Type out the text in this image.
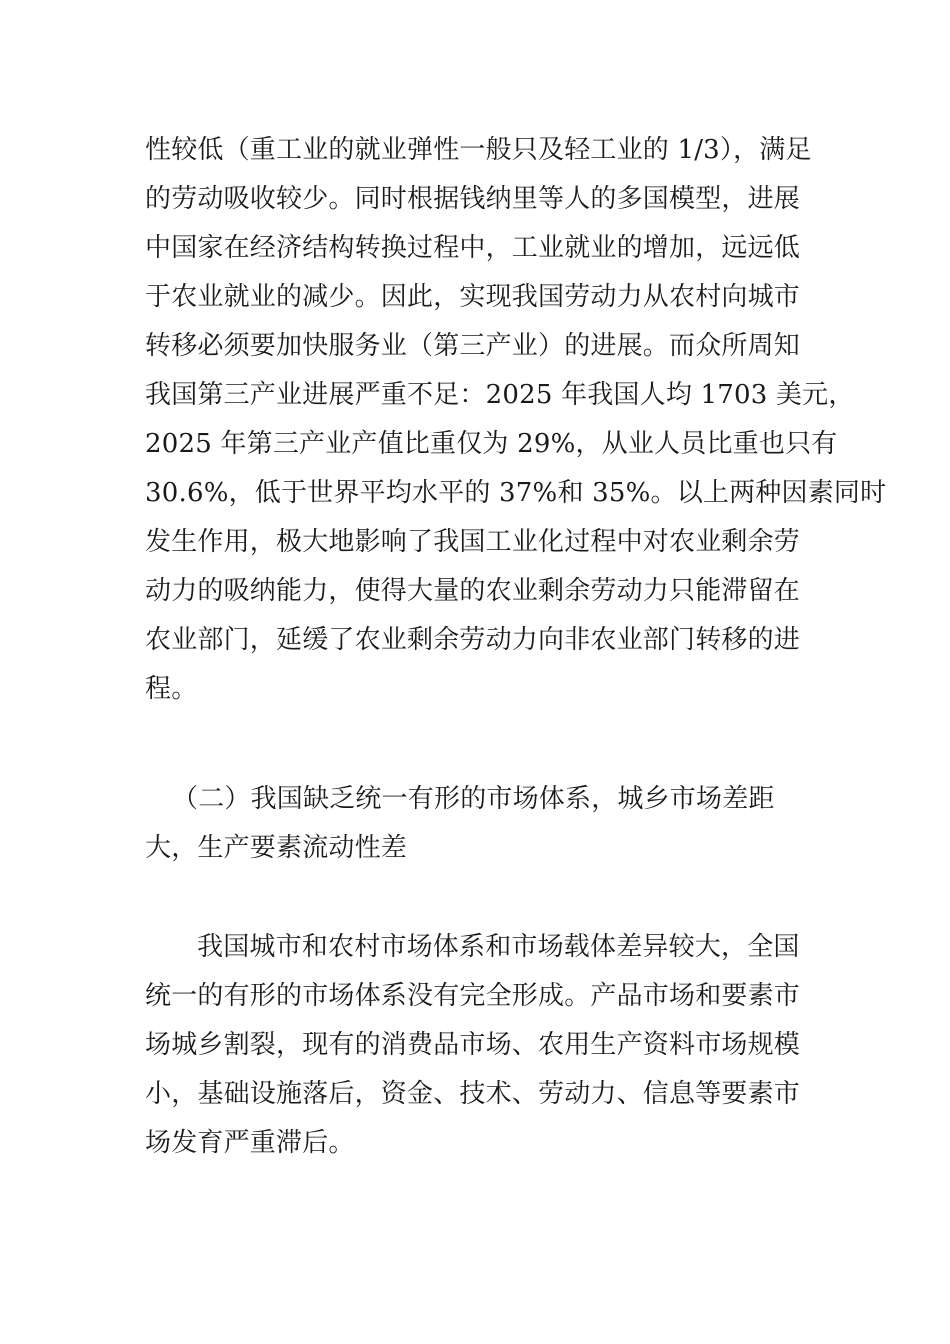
性较低（重工业的就业弹性一般只及轻工业的 1/3），满足
的劳动吸收较少。同时根据钱纳里等人的多国模型，进展
中国家在经济结构转换过程中，工业就业的增加，远远低
于农业就业的减少。因此，实现我国劳动力从农村向城市
转移必须要加快服务业（第三产业）的进展。而众所周知
我国第三产业进展严重不足：2025 年我国人均 1703 美元，
2025 年第三产业产值比重仅为 29%，从业人员比重也只有
30.6%，低于世界平均水平的 37%和 35%。以上两种因素同时
发生作用，极大地影响了我国工业化过程中对农业剩余劳
动力的吸纳能力，使得大量的农业剩余劳动力只能滞留在
农业部门，延缓了农业剩余劳动力向非农业部门转移的进
程。
（二）我国缺乏统一有形的市场体系，城乡市场差距
大，生产要素流动性差
我国城市和农村市场体系和市场载体差异较大，全国
统一的有形的市场体系没有完全形成。产品市场和要素市
场城乡割裂，现有的消费品市场、农用生产资料市场规模
小，基础设施落后，资金、技术、劳动力、信息等要素市
场发育严重滞后。
